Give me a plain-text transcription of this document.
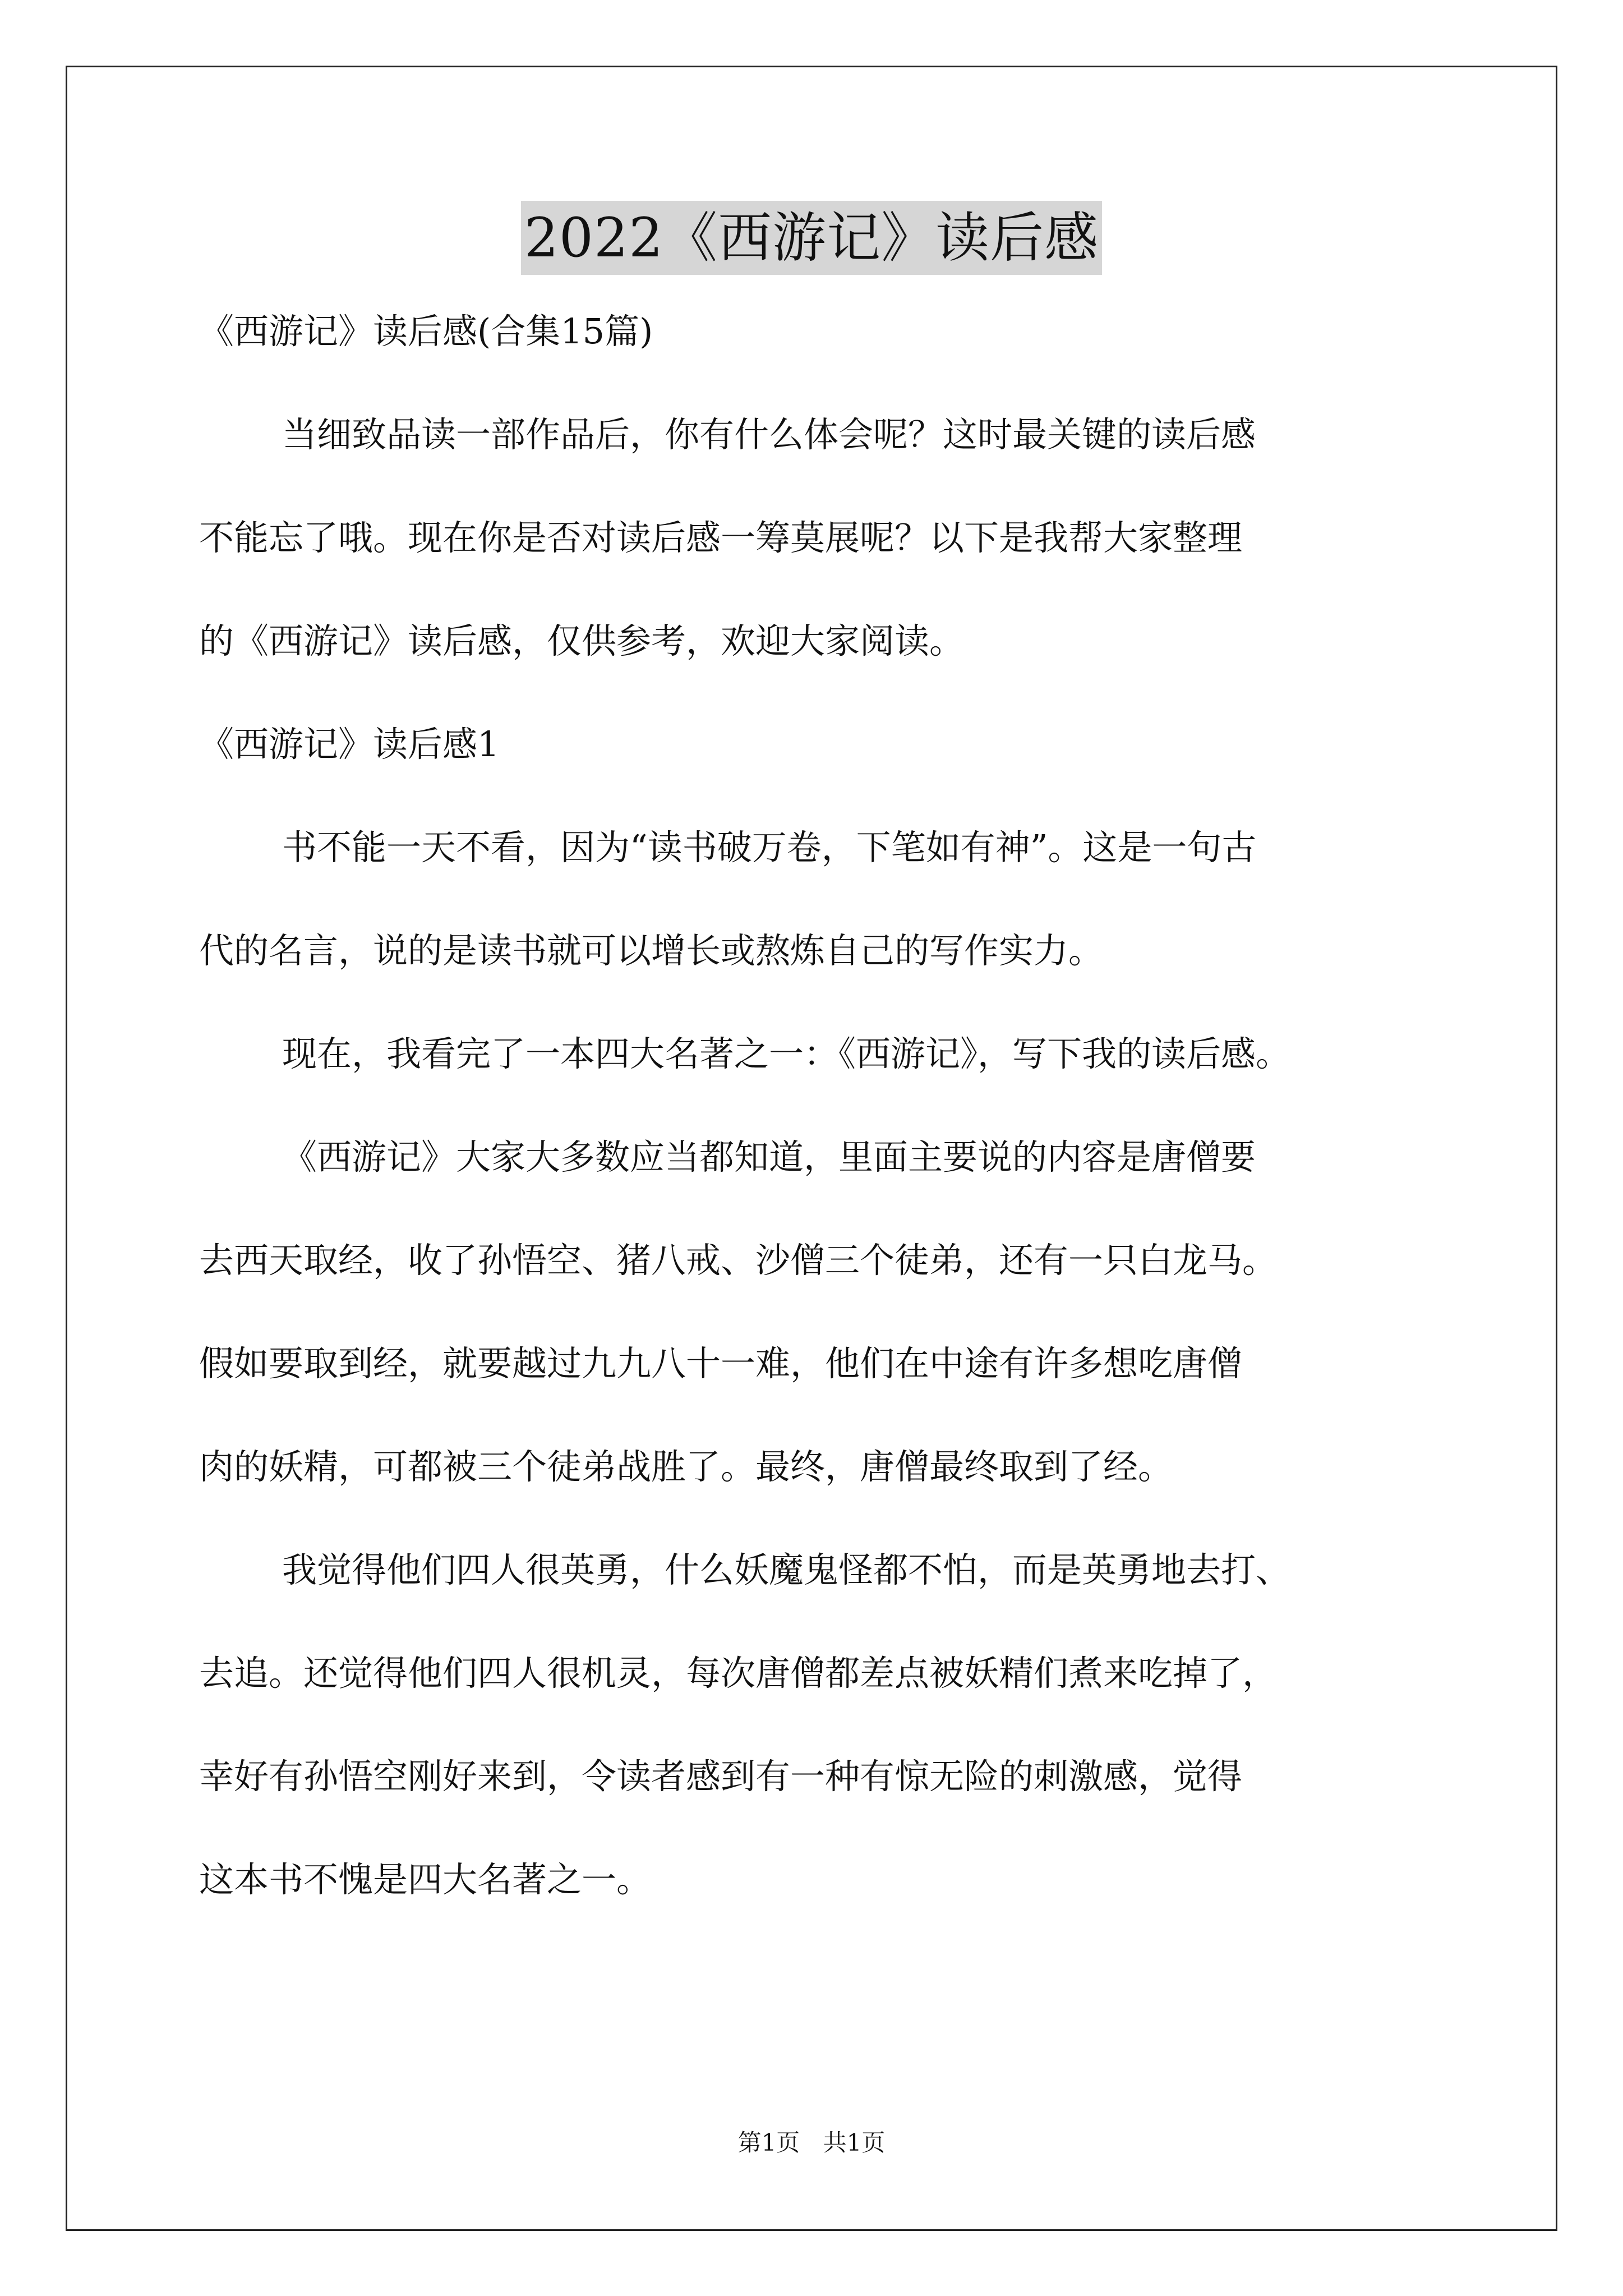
2022《西游记》读后感
《西游记》读后感(合集15篇)
当细致品读一部作品后，你有什么体会呢？这时最关键的读后感
不能忘了哦。现在你是否对读后感一筹莫展呢？以下是我帮大家整理
的《西游记》读后感，仅供参考，欢迎大家阅读。
《西游记》读后感1
书不能一天不看，因为“读书破万卷，下笔如有神”。这是一句古
代的名言，说的是读书就可以增长或熬炼自己的写作实力。
现在，我看完了一本四大名著之一：《西游记》，写下我的读后感。
《西游记》大家大多数应当都知道，里面主要说的内容是唐僧要
去西天取经，收了孙悟空、猪八戒、沙僧三个徒弟，还有一只白龙马。
假如要取到经，就要越过九九八十一难，他们在中途有许多想吃唐僧
肉的妖精，可都被三个徒弟战胜了。最终，唐僧最终取到了经。
我觉得他们四人很英勇，什么妖魔鬼怪都不怕，而是英勇地去打、
去追。还觉得他们四人很机灵，每次唐僧都差点被妖精们煮来吃掉了，
幸好有孙悟空刚好来到，令读者感到有一种有惊无险的刺激感，觉得
这本书不愧是四大名著之一。
第1页 共1页
